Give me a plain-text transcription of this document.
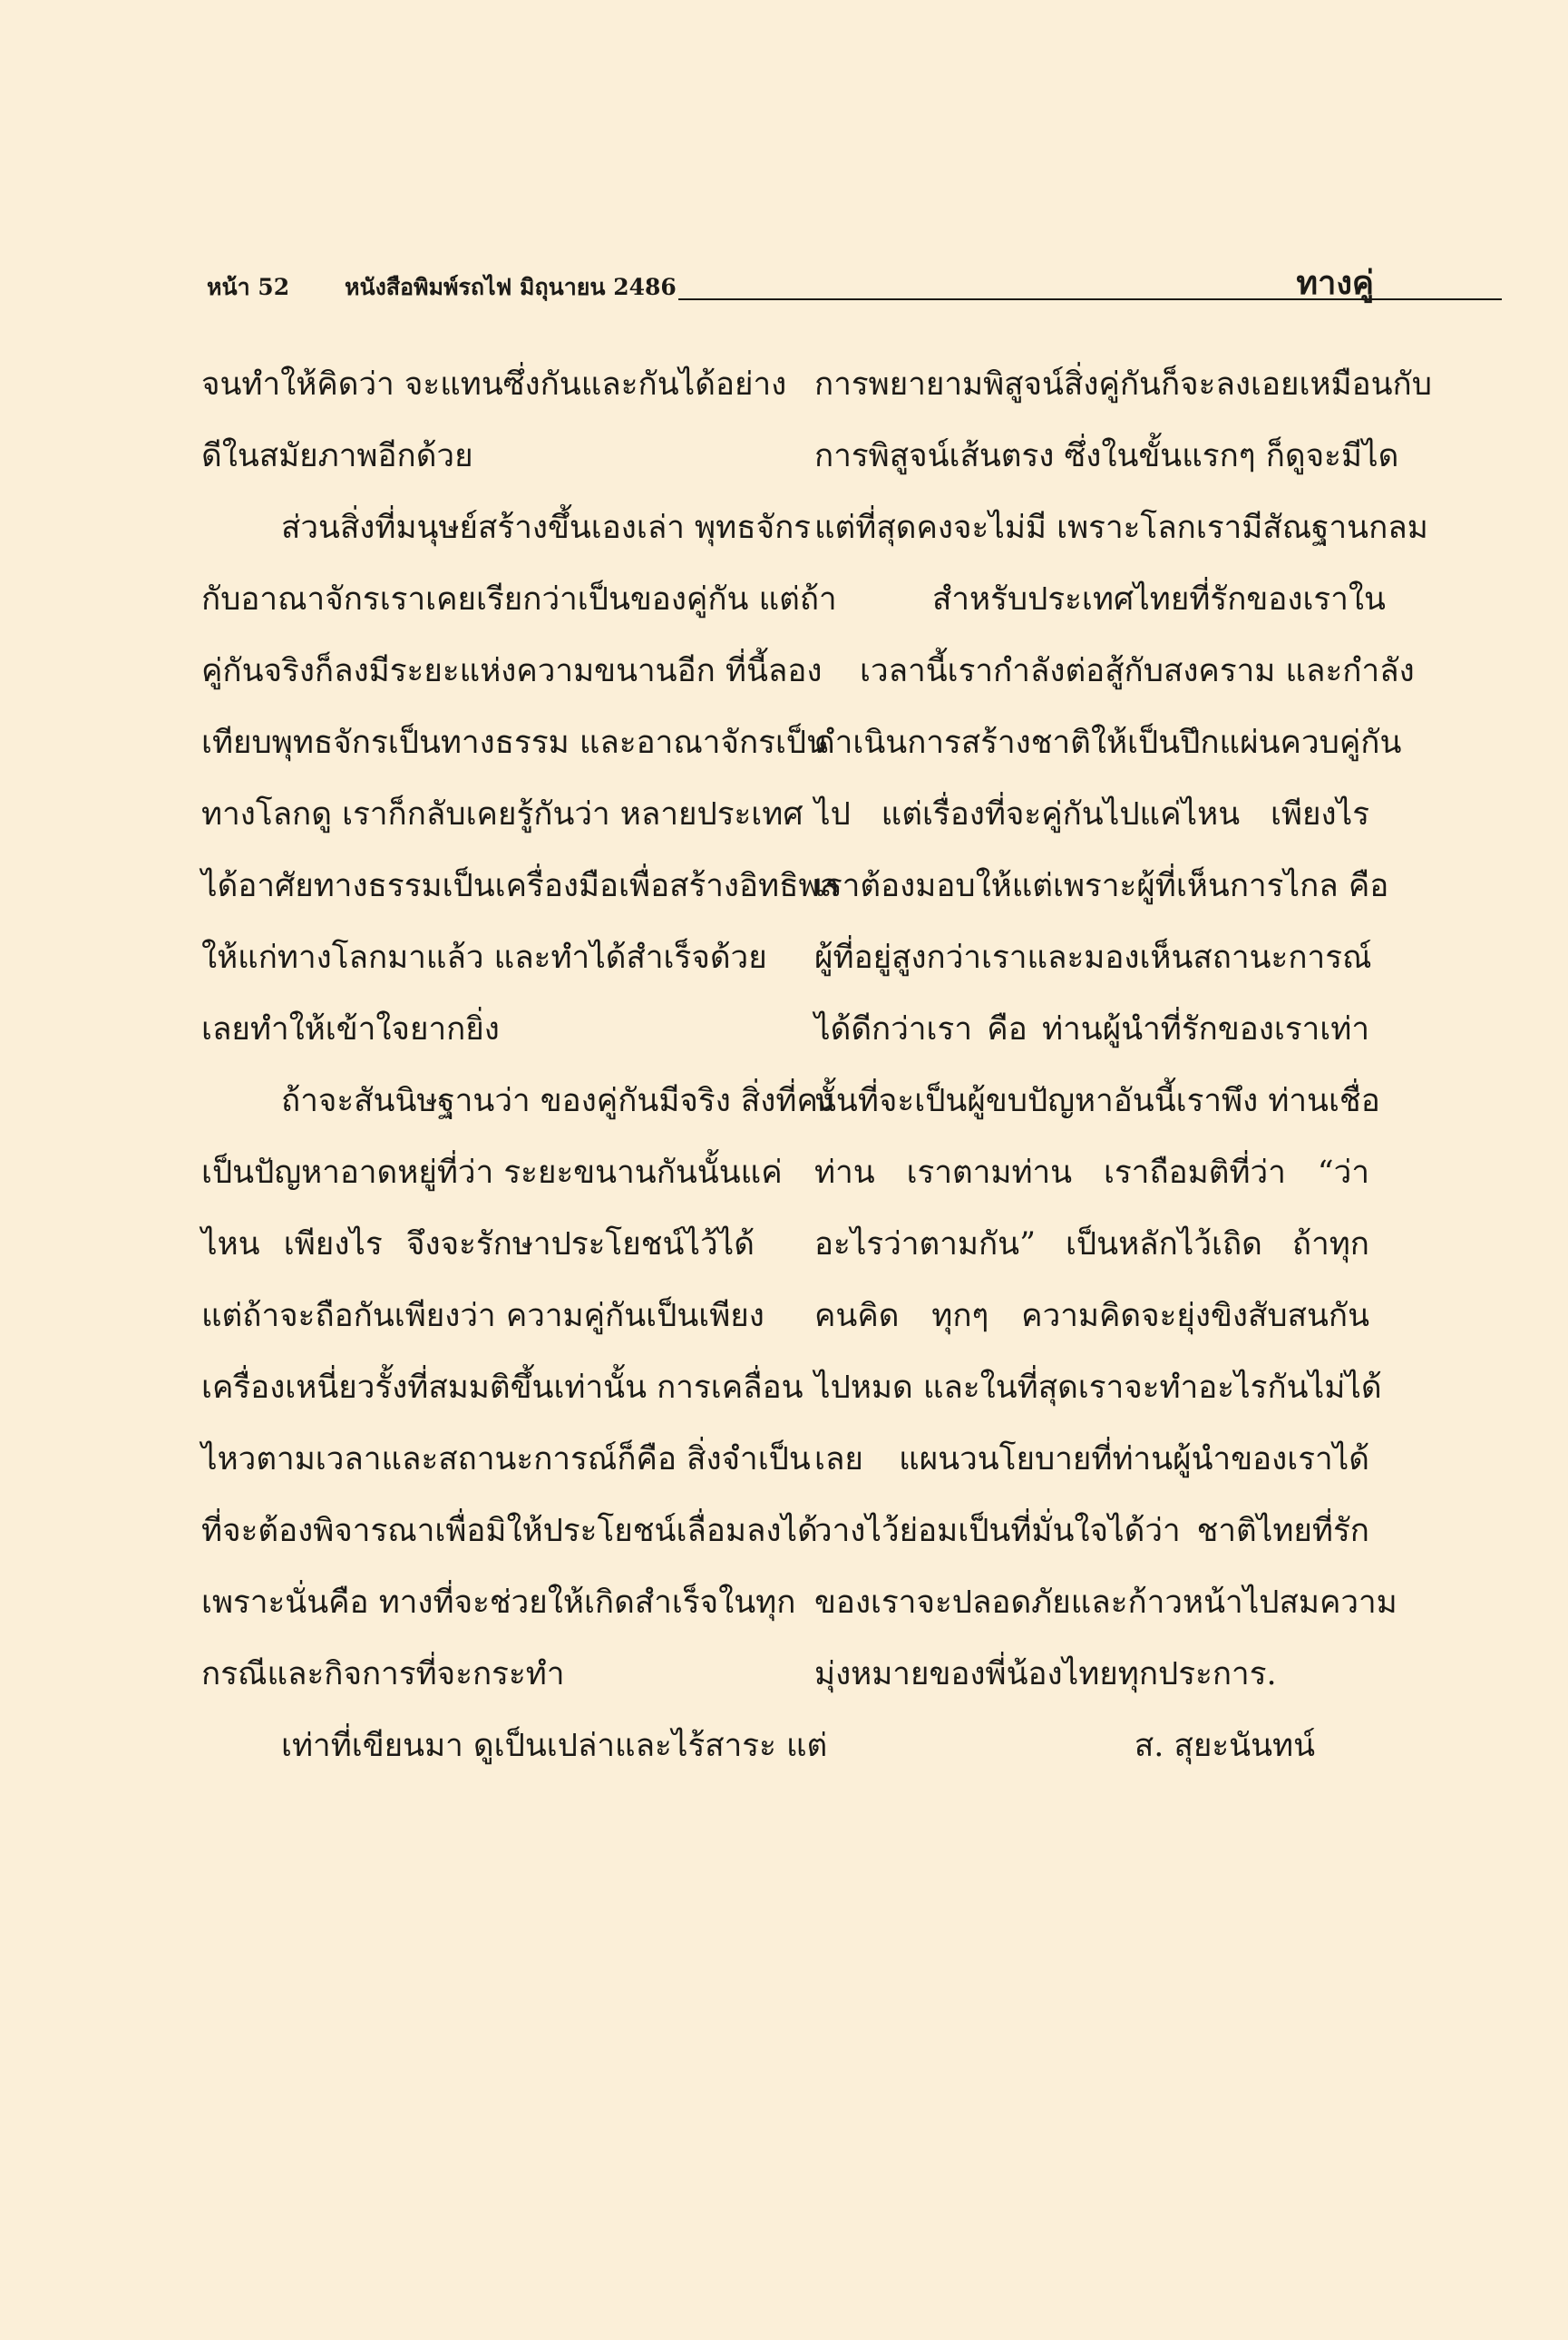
หน้า 52 หนังสือพิมพ์รถไฟ มิถุนายน 2486	ทางคู่
จนทำให้คิดว่า จะแทนซึ่งกันและกันได้อย่าง
ดีในสมัยภาพอีกด้วย
ส่วนสิ่งที่มนุษย์สร้างขึ้นเองเล่า พุทธจักร
กับอาณาจักรเราเคยเรียกว่าเป็นของคู่กัน แต่ถ้า
คู่กันจริงก็ลงมีระยะแห่งความขนานอีก ที่นี้ลอง
เทียบพุทธจักรเป็นทางธรรม และอาณาจักรเป็น
ทางโลกดู เราก็กลับเคยรู้กันว่า หลายประเทศ
ได้อาศัยทางธรรมเป็นเครื่องมือเพื่อสร้างอิทธิพล
ให้แก่ทางโลกมาแล้ว และทำได้สำเร็จด้วย
เลยทำให้เข้าใจยากยิ่ง
ถ้าจะสันนิษฐานว่า ของคู่กันมีจริง สิ่งที่คง
เป็นปัญหาอาดหยู่ที่ว่า ระยะขนานกันนั้นแค่
ไหน เพียงไร จึงจะรักษาประโยชน์ไว้ได้
แต่ถ้าจะถือกันเพียงว่า ความคู่กันเป็นเพียง
เครื่องเหนี่ยวรั้งที่สมมติขึ้นเท่านั้น การเคลื่อน
ไหวตามเวลาและสถานะการณ์ก็คือ สิ่งจำเป็น
ที่จะต้องพิจารณาเพื่อมิให้ประโยชน์เลื่อมลงได้
เพราะนั่นคือ ทางที่จะช่วยให้เกิดสำเร็จในทุก
กรณีและกิจการที่จะกระทำ
เท่าที่เขียนมา ดูเป็นเปล่าและไร้สาระ แต่
การพยายามพิสูจน์สิ่งคู่กันก็จะลงเอยเหมือนกับ
การพิสูจน์เส้นตรง ซึ่งในขั้นแรกๆ ก็ดูจะมีได
แต่ที่สุดคงจะไม่มี เพราะโลกเรามีสัณฐานกลม
สำหรับประเทศไทยที่รักของเราใน
เวลานี้เรากำลังต่อสู้กับสงคราม และกำลัง
ดำเนินการสร้างชาติให้เป็นปึกแผ่นควบคู่กัน
ไป แต่เรื่องที่จะคู่กันไปแค่ไหน เพียงไร
เราต้องมอบให้แต่เพราะผู้ที่เห็นการไกล คือ
ผู้ที่อยู่สูงกว่าเราและมองเห็นสถานะการณ์
ได้ดีกว่าเรา คือ ท่านผู้นำที่รักของเราเท่า
นั้นที่จะเป็นผู้ขบปัญหาอันนี้เราพึง ท่านเชื่อ
ท่าน เราตามท่าน เราถือมติที่ว่า “ว่า
อะไรว่าตามกัน” เป็นหลักไว้เถิด ถ้าทุก
คนคิด ทุกๆ ความคิดจะยุ่งขิงสับสนกัน
ไปหมด และในที่สุดเราจะทำอะไรกันไม่ได้
เลย แผนวนโยบายที่ท่านผู้นำของเราได้
วางไว้ย่อมเป็นที่มั่นใจได้ว่า ชาติไทยที่รัก
ของเราจะปลอดภัยและก้าวหน้าไปสมความ
มุ่งหมายของพี่น้องไทยทุกประการ.
ส. สุยะนันทน์
